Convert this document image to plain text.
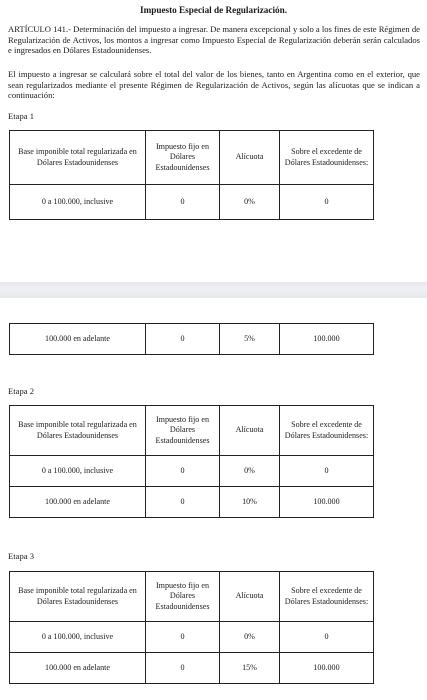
Impuesto Especial de Regularización.

ARTÍCULO 141.- Determinación del impuesto a ingresar. De manera excepcional y solo a los fines de este Régimen de Regularización de Activos, los montos a ingresar como Impuesto Especial de Regularización deberán serán calculados e ingresados en Dólares Estadounidenses.

El impuesto a ingresar se calculará sobre el total del valor de los bienes, tanto en Argentina como en el exterior, que sean regularizados mediante el presente Régimen de Regularización de Activos, según las alícuotas que se indican a continuación:

Etapa 1
Base imponible total regularizada en Dólares Estadounidenses	Impuesto fijo en Dólares Estadounidenses	Alícuota	Sobre el excedente de Dólares Estadounidenses:
0 a 100.000, inclusive	0	0%	0
100.000 en adelante	0	5%	100.000
Etapa 2
Base imponible total regularizada en Dólares Estadounidenses	Impuesto fijo en Dólares Estadounidenses	Alícuota	Sobre el excedente de Dólares Estadounidenses:
0 a 100.000, inclusive	0	0%	0
100.000 en adelante	0	10%	100.000
Etapa 3
Base imponible total regularizada en Dólares Estadounidenses	Impuesto fijo en Dólares Estadounidenses	Alícuota	Sobre el excedente de Dólares Estadounidenses:
0 a 100.000, inclusive	0	0%	0
100.000 en adelante	0	15%	100.000
